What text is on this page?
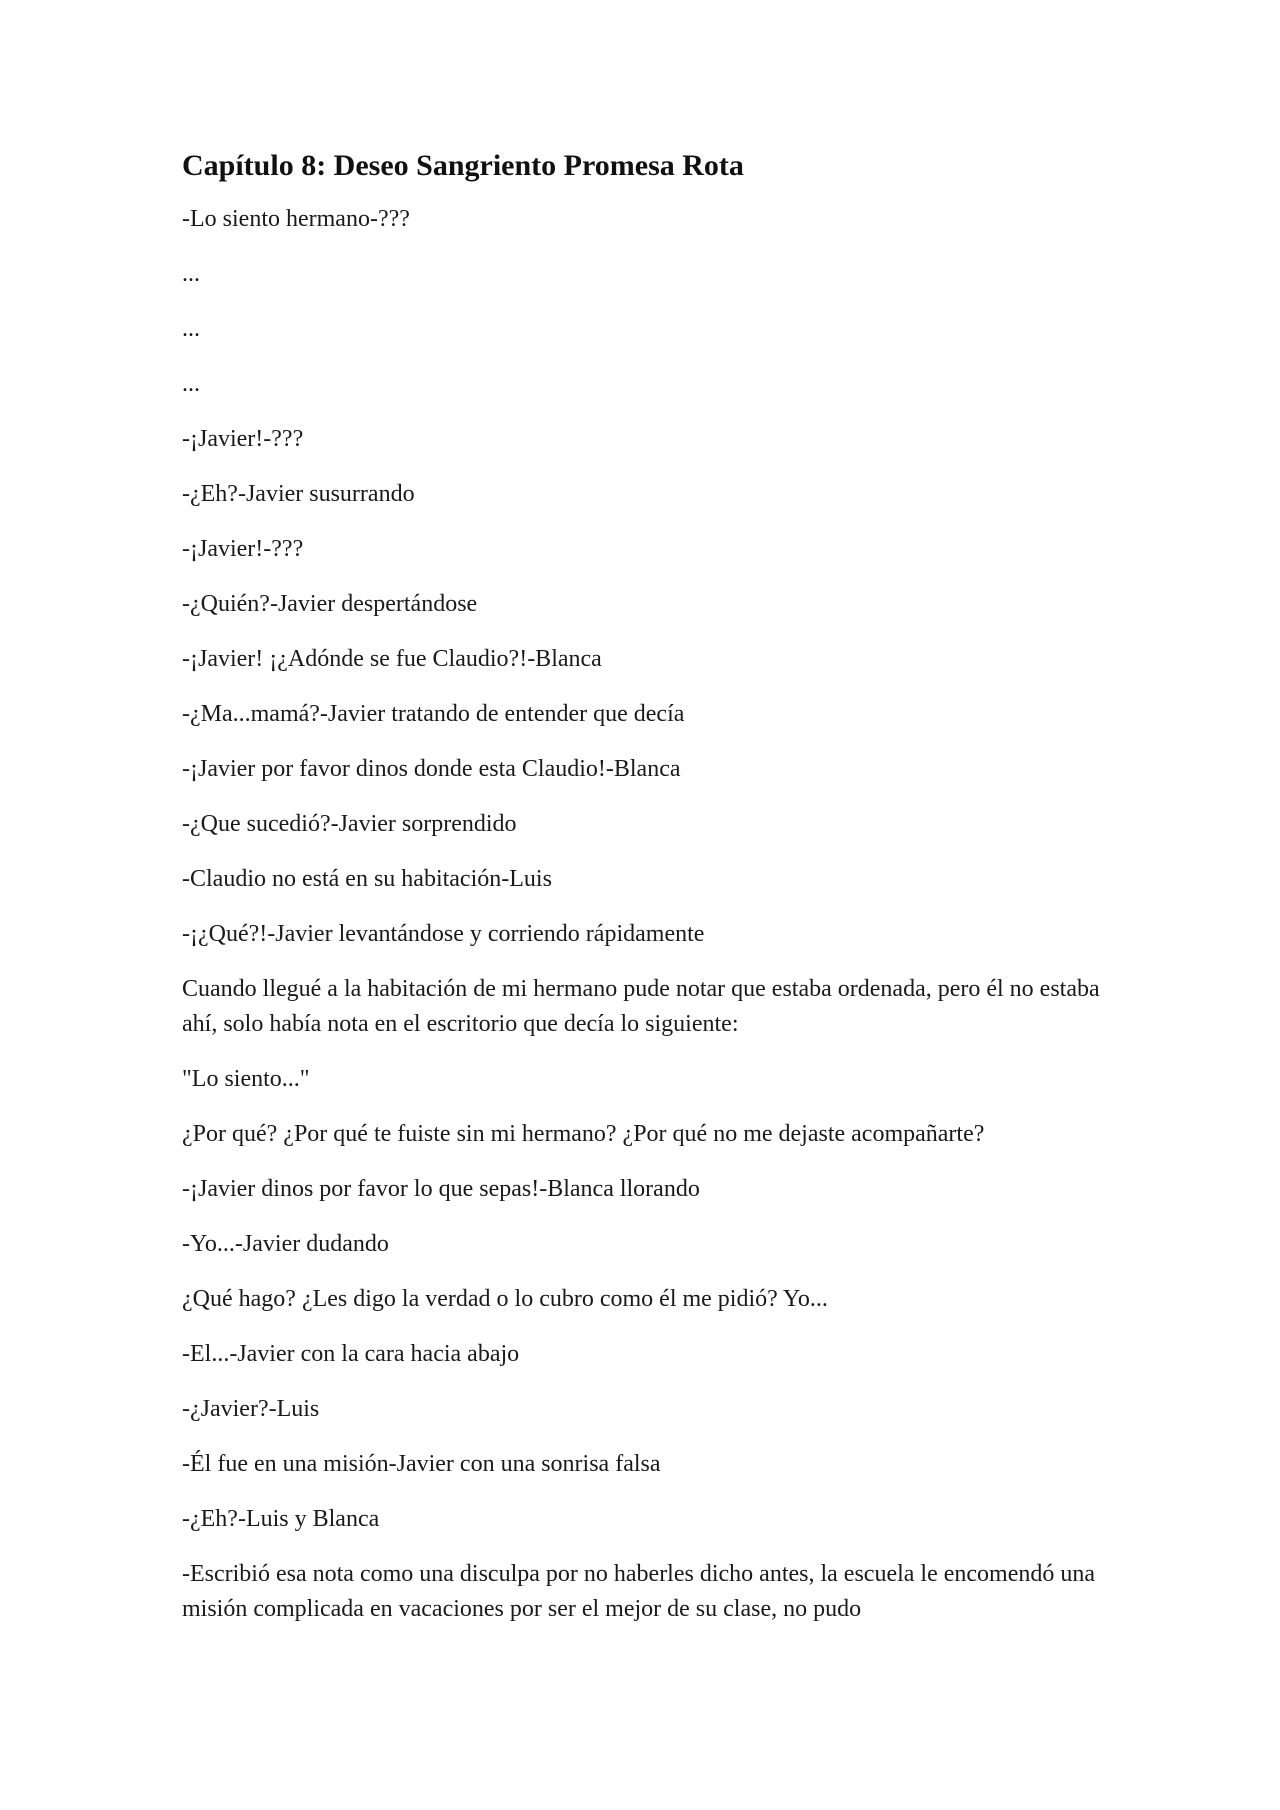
Capítulo 8: Deseo Sangriento Promesa Rota

-Lo siento hermano-???

...

...

...

-¡Javier!-???

-¿Eh?-Javier susurrando

-¡Javier!-???

-¿Quién?-Javier despertándose

-¡Javier! ¡¿Adónde se fue Claudio?!-Blanca

-¿Ma...mamá?-Javier tratando de entender que decía

-¡Javier por favor dinos donde esta Claudio!-Blanca

-¿Que sucedió?-Javier sorprendido

-Claudio no está en su habitación-Luis

-¡¿Qué?!-Javier levantándose y corriendo rápidamente

Cuando llegué a la habitación de mi hermano pude notar que estaba ordenada, pero él no estaba ahí, solo había nota en el escritorio que decía lo siguiente:

"Lo siento..."

¿Por qué? ¿Por qué te fuiste sin mi hermano? ¿Por qué no me dejaste acompañarte?

-¡Javier dinos por favor lo que sepas!-Blanca llorando

-Yo...-Javier dudando

¿Qué hago? ¿Les digo la verdad o lo cubro como él me pidió? Yo...

-El...-Javier con la cara hacia abajo

-¿Javier?-Luis

-Él fue en una misión-Javier con una sonrisa falsa

-¿Eh?-Luis y Blanca

-Escribió esa nota como una disculpa por no haberles dicho antes, la escuela le encomendó una misión complicada en vacaciones por ser el mejor de su clase, no pudo
